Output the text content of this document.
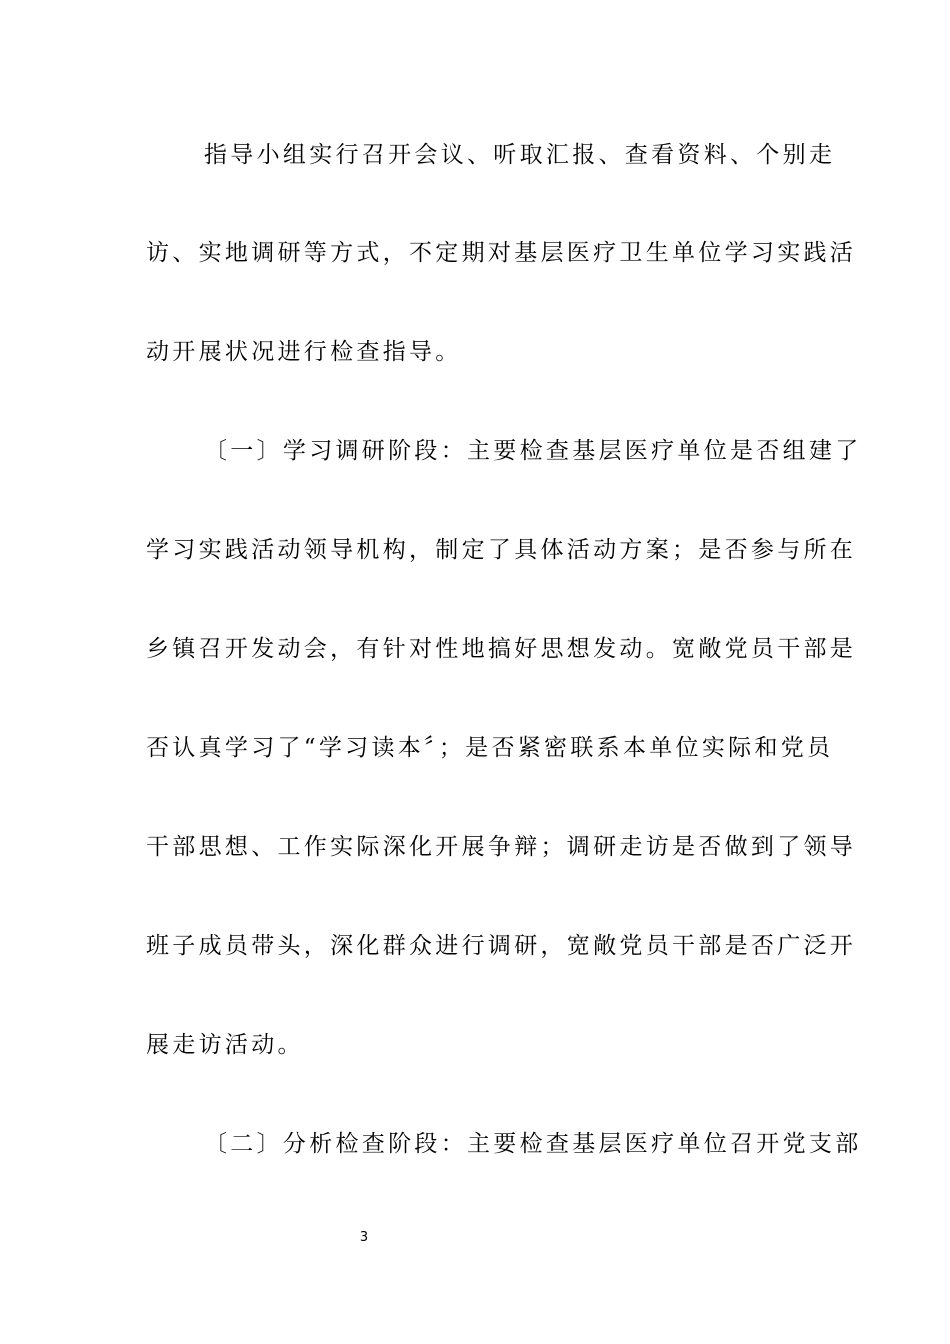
指导小组实行召开会议、听取汇报、查看资料、个别走
访、实地调研等方式，不定期对基层医疗卫生单位学习实践活
动开展状况进行检查指导。
〔一〕学习调研阶段：主要检查基层医疗单位是否组建了
学习实践活动领导机构，制定了具体活动方案；是否参与所在
乡镇召开发动会，有针对性地搞好思想发动。宽敞党员干部是
否认真学习了“学习读本〞；是否紧密联系本单位实际和党员
干部思想、工作实际深化开展争辩；调研走访是否做到了领导
班子成员带头，深化群众进行调研，宽敞党员干部是否广泛开
展走访活动。
〔二〕分析检查阶段：主要检查基层医疗单位召开党支部
3
